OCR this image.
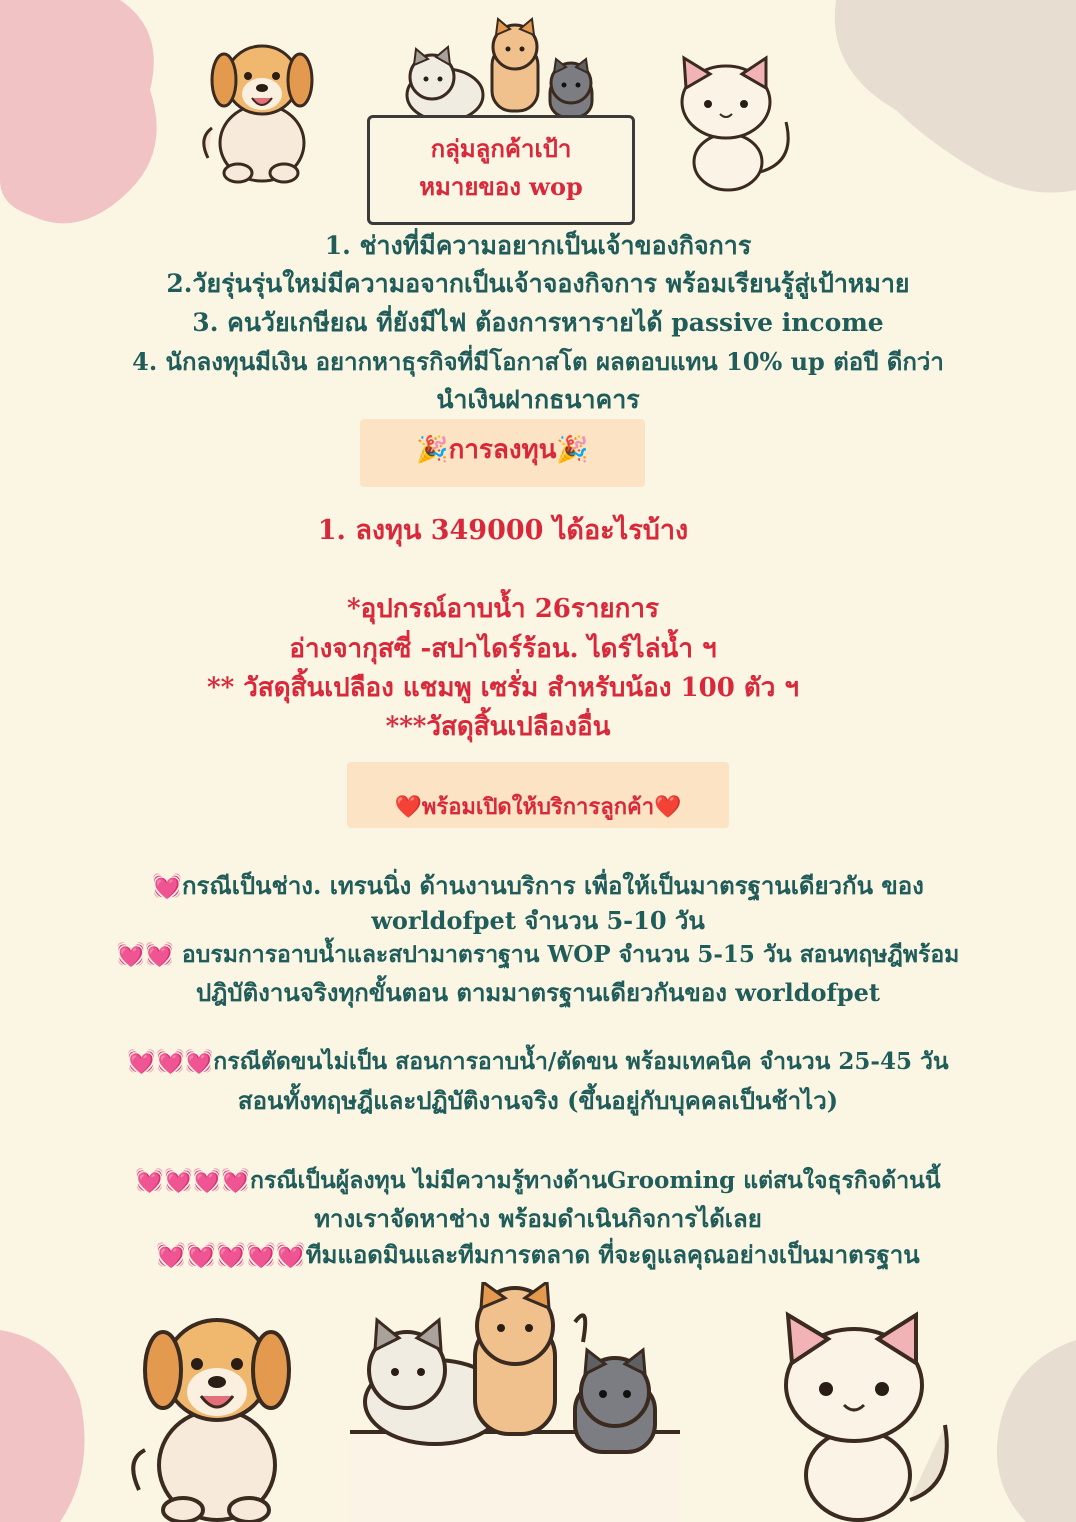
กลุ่มลูกค้าเป้า
หมายของ wop
1. ช่างที่มีความอยากเป็นเจ้าของกิจการ
2.วัยรุ่นรุ่นใหม่มีความอจากเป็นเจ้าจองกิจการ พร้อมเรียนรู้สู่เป้าหมาย
3. คนวัยเกษียณ ที่ยังมีไฟ ต้องการหารายได้ passive income
4. นักลงทุนมีเงิน อยากหาธุรกิจที่มีโอกาสโต ผลตอบแทน 10% up ต่อปี ดีกว่า
นำเงินฝากธนาคาร
🎉การลงทุน🎉
1. ลงทุน 349000 ได้อะไรบ้าง
*อุปกรณ์อาบน้ำ 26รายการ
อ่างจากุสซี่ -สปาไดร์ร้อน. ไดร์ไล่น้ำ ฯ
** วัสดุสิ้นเปลือง แชมพู เซรั่ม สำหรับน้อง 100 ตัว ฯ
***วัสดุสิ้นเปลืองอื่น
❤️พร้อมเปิดให้บริการลูกค้า❤️
💓กรณีเป็นช่าง. เทรนนิ่ง ด้านงานบริการ เพื่อให้เป็นมาตรฐานเดียวกัน ของ
worldofpet จำนวน 5-10 วัน
💓💓 อบรมการอาบน้ำและสปามาตราฐาน WOP จำนวน 5-15 วัน สอนทฤษฎีพร้อม
ปฎิบัติงานจริงทุกขั้นตอน ตามมาตรฐานเดียวกันของ worldofpet
💓💓💓กรณีตัดขนไม่เป็น สอนการอาบน้ำ/ตัดขน พร้อมเทคนิค จำนวน 25-45 วัน
สอนทั้งทฤษฎีและปฏิบัติงานจริง (ขึ้นอยู่กับบุคคลเป็นช้าไว)
💓💓💓💓กรณีเป็นผู้ลงทุน ไม่มีความรู้ทางด้านGrooming แต่สนใจธุรกิจด้านนี้
ทางเราจัดหาช่าง พร้อมดำเนินกิจการได้เลย
💓💓💓💓💓ทีมแอดมินและทีมการตลาด ที่จะดูแลคุณอย่างเป็นมาตรฐาน
